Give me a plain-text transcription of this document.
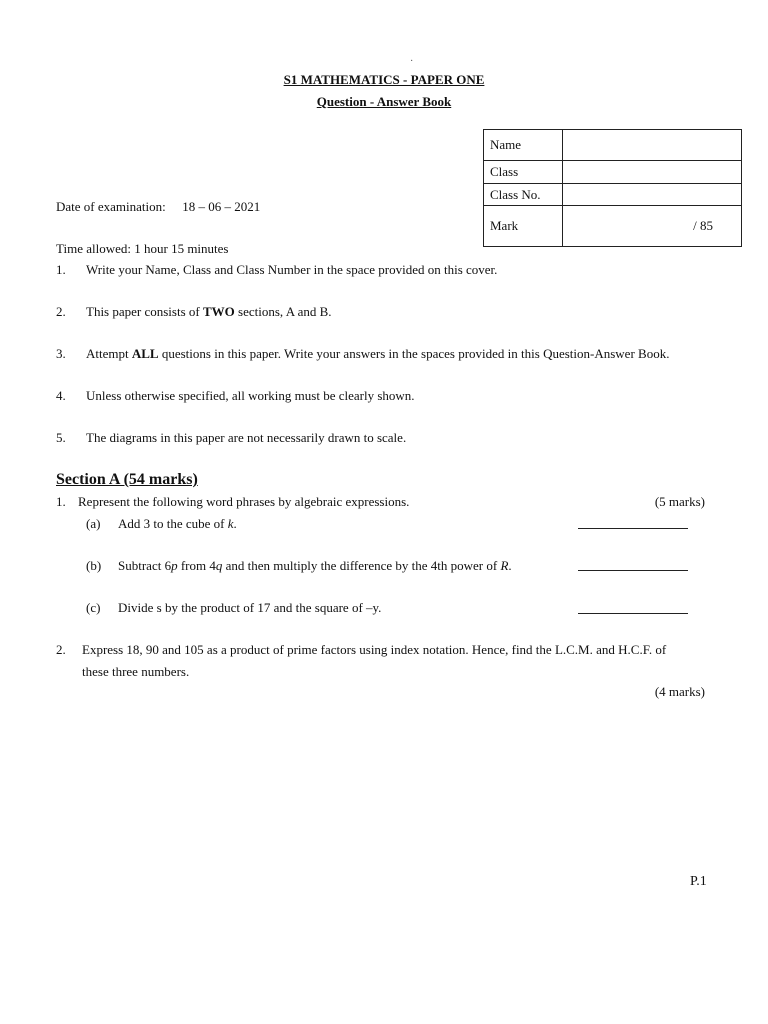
·
S1 MATHEMATICS - PAPER ONE
Question - Answer Book
Name	
Class	
Class No.	
Mark	/ 85
Date of examination: 18 – 06 – 2021
Time allowed: 1 hour 15 minutes
1. Write your Name, Class and Class Number in the space provided on this cover.
2. This paper consists of TWO sections, A and B.
3. Attempt ALL questions in this paper. Write your answers in the spaces provided in this Question-Answer Book.
4. Unless otherwise specified, all working must be clearly shown.
5. The diagrams in this paper are not necessarily drawn to scale.
Section A (54 marks)
1. Represent the following word phrases by algebraic expressions.	(5 marks)
(a) Add 3 to the cube of k.
(b) Subtract 6p from 4q and then multiply the difference by the 4th power of R.
(c) Divide s by the product of 17 and the square of –y.
2. Express 18, 90 and 105 as a product of prime factors using index notation. Hence, find the L.C.M. and H.C.F. of
these three numbers.
(4 marks)
P.1
